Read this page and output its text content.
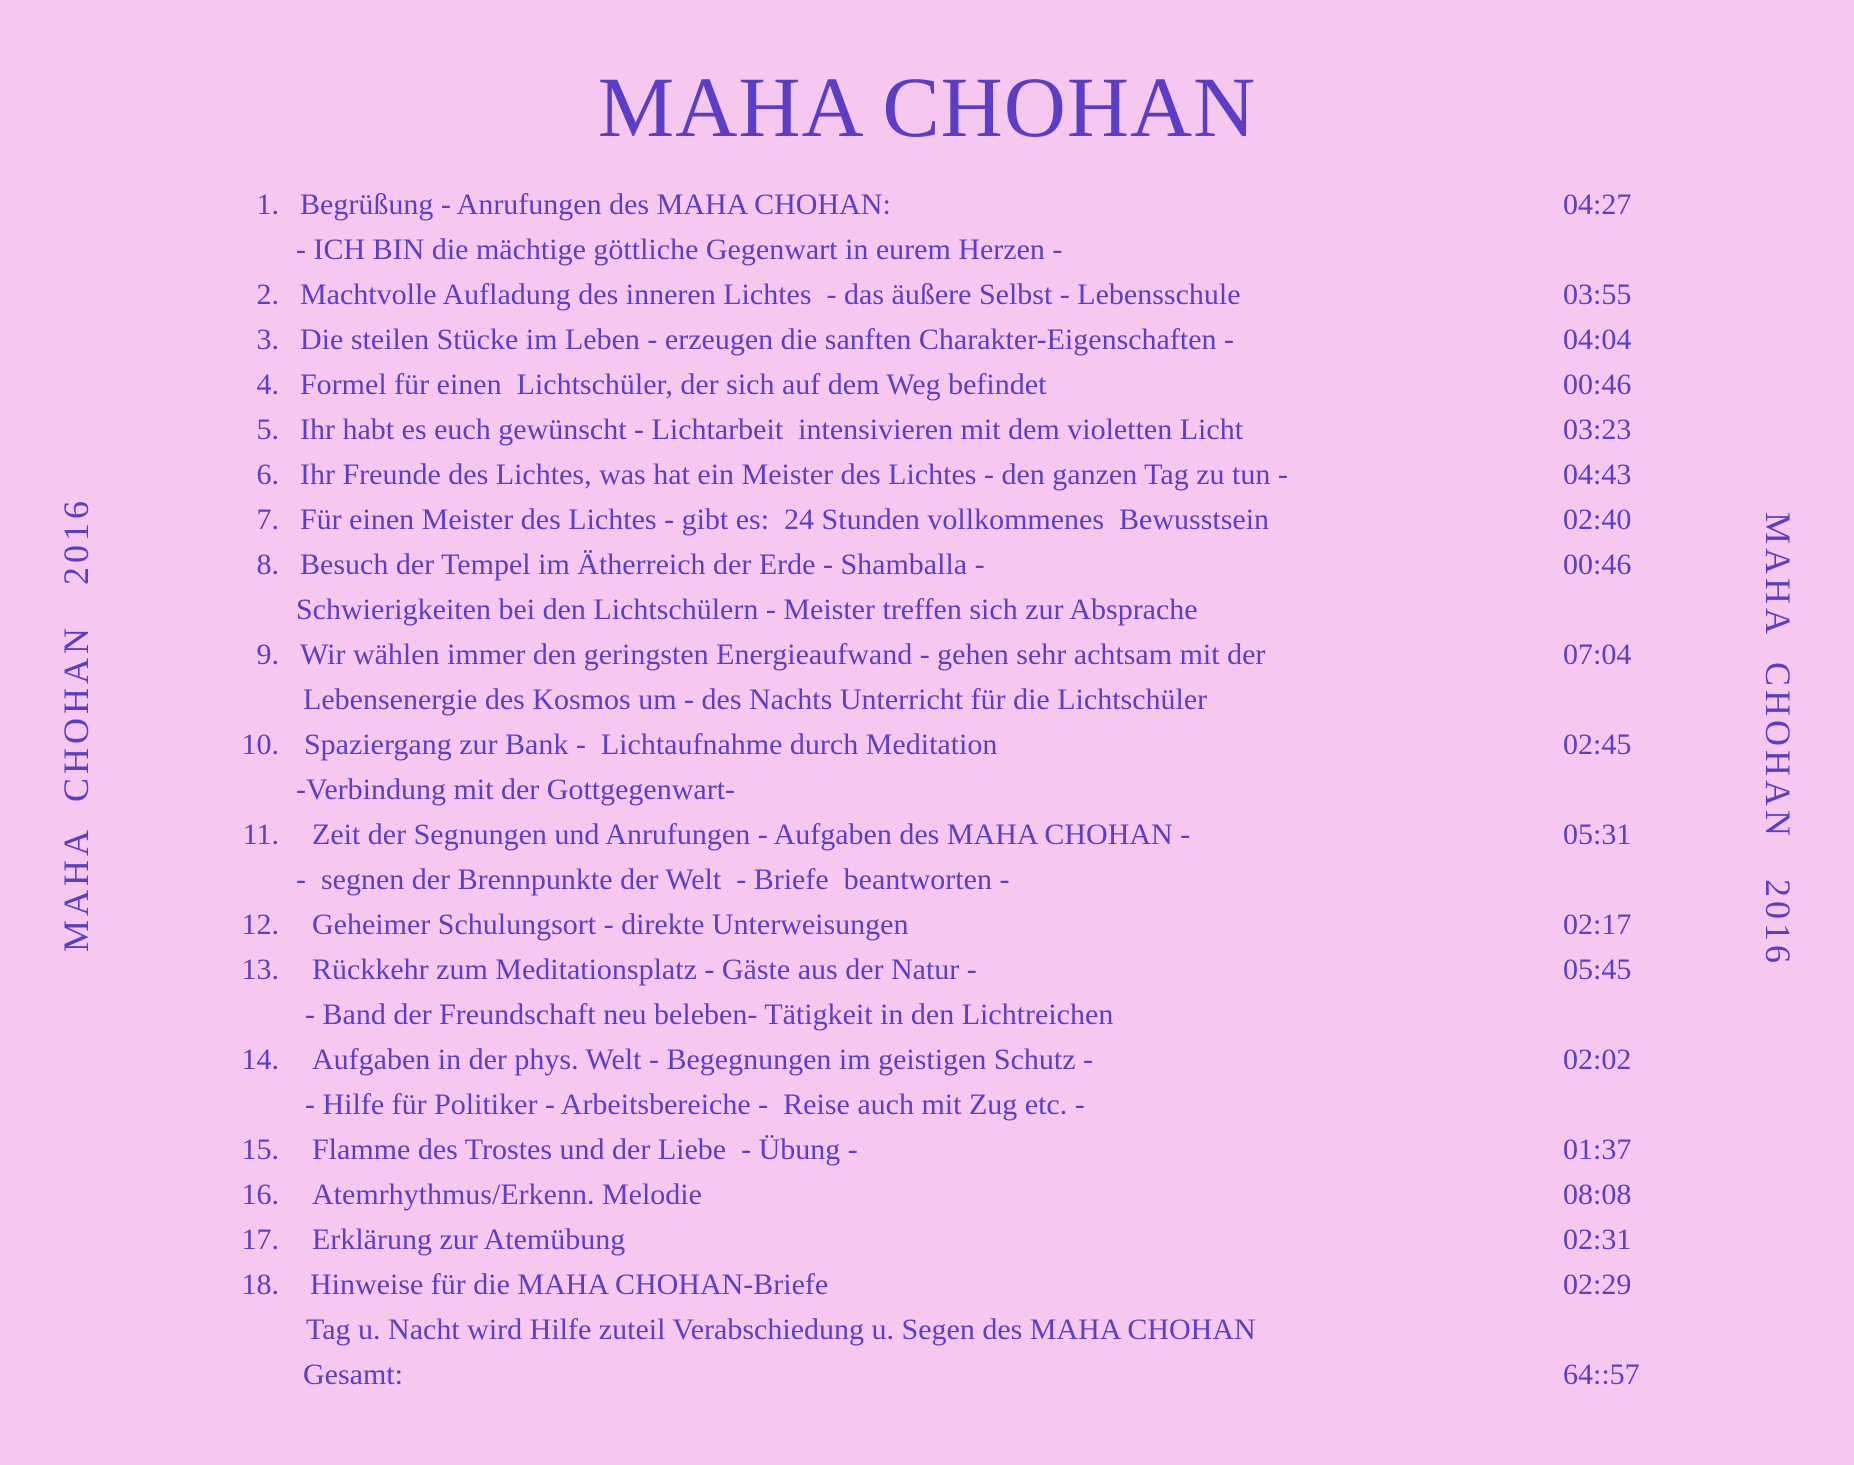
MAHA CHOHAN
MAHA  CHOHAN   2016	MAHA  CHOHAN   2016
1. Begrüßung - Anrufungen des MAHA CHOHAN:	04:27
- ICH BIN die mächtige göttliche Gegenwart in eurem Herzen -
2. Machtvolle Aufladung des inneren Lichtes  - das äußere Selbst - Lebensschule	03:55
3. Die steilen Stücke im Leben - erzeugen die sanften Charakter-Eigenschaften -	04:04
4. Formel für einen  Lichtschüler, der sich auf dem Weg befindet	00:46
5. Ihr habt es euch gewünscht - Lichtarbeit  intensivieren mit dem violetten Licht	03:23
6. Ihr Freunde des Lichtes, was hat ein Meister des Lichtes - den ganzen Tag zu tun -	04:43
7. Für einen Meister des Lichtes - gibt es:  24 Stunden vollkommenes  Bewusstsein	02:40
8. Besuch der Tempel im Ätherreich der Erde - Shamballa -	00:46
Schwierigkeiten bei den Lichtschülern - Meister treffen sich zur Absprache
9. Wir wählen immer den geringsten Energieaufwand - gehen sehr achtsam mit der	07:04
Lebensenergie des Kosmos um - des Nachts Unterricht für die Lichtschüler
10. Spaziergang zur Bank -  Lichtaufnahme durch Meditation	02:45
-Verbindung mit der Gottgegenwart-
11. Zeit der Segnungen und Anrufungen - Aufgaben des MAHA CHOHAN -	05:31
-  segnen der Brennpunkte der Welt  - Briefe  beantworten -
12. Geheimer Schulungsort - direkte Unterweisungen	02:17
13. Rückkehr zum Meditationsplatz - Gäste aus der Natur -	05:45
- Band der Freundschaft neu beleben- Tätigkeit in den Lichtreichen
14. Aufgaben in der phys. Welt - Begegnungen im geistigen Schutz -	02:02
- Hilfe für Politiker - Arbeitsbereiche -  Reise auch mit Zug etc. -
15. Flamme des Trostes und der Liebe  - Übung -	01:37
16. Atemrhythmus/Erkenn. Melodie	08:08
17. Erklärung zur Atemübung	02:31
18. Hinweise für die MAHA CHOHAN-Briefe	02:29
Tag u. Nacht wird Hilfe zuteil Verabschiedung u. Segen des MAHA CHOHAN
Gesamt:	64::57
